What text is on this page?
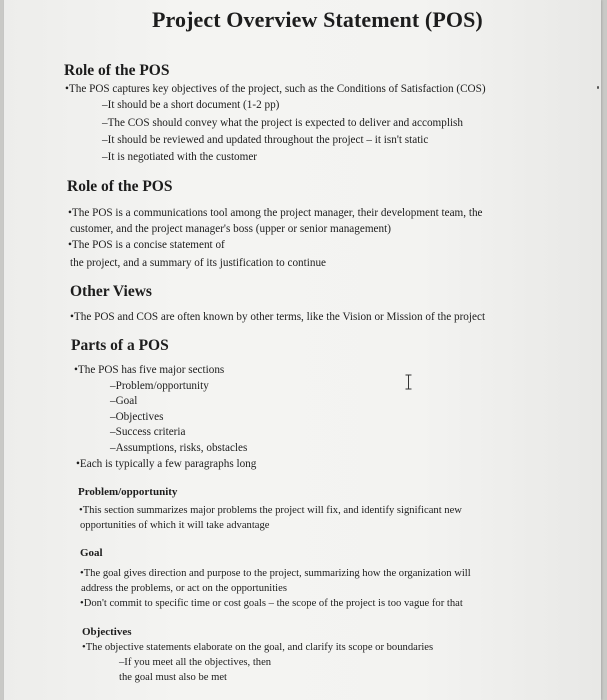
Project Overview Statement (POS)
Role of the POS

•The POS captures key objectives of the project, such as the Conditions of Satisfaction (COS)

–It should be a short document (1-2 pp)

–The COS should convey what the project is expected to deliver and accomplish

–It should be reviewed and updated throughout the project – it isn't static

–It is negotiated with the customer

Role of the POS

•The POS is a communications tool among the project manager, their development team, the

customer, and the project manager's boss (upper or senior management)

•The POS is a concise statement of

the project, and a summary of its justification to continue

Other Views

•The POS and COS are often known by other terms, like the Vision or Mission of the project

Parts of a POS

•The POS has five major sections

–Problem/opportunity

–Goal

–Objectives

–Success criteria

–Assumptions, risks, obstacles

•Each is typically a few paragraphs long

Problem/opportunity

•This section summarizes major problems the project will fix, and identify significant new

opportunities of which it will take advantage

Goal

•The goal gives direction and purpose to the project, summarizing how the organization will

address the problems, or act on the opportunities

•Don't commit to specific time or cost goals – the scope of the project is too vague for that

Objectives

•The objective statements elaborate on the goal, and clarify its scope or boundaries

–If you meet all the objectives, then

the goal must also be met
